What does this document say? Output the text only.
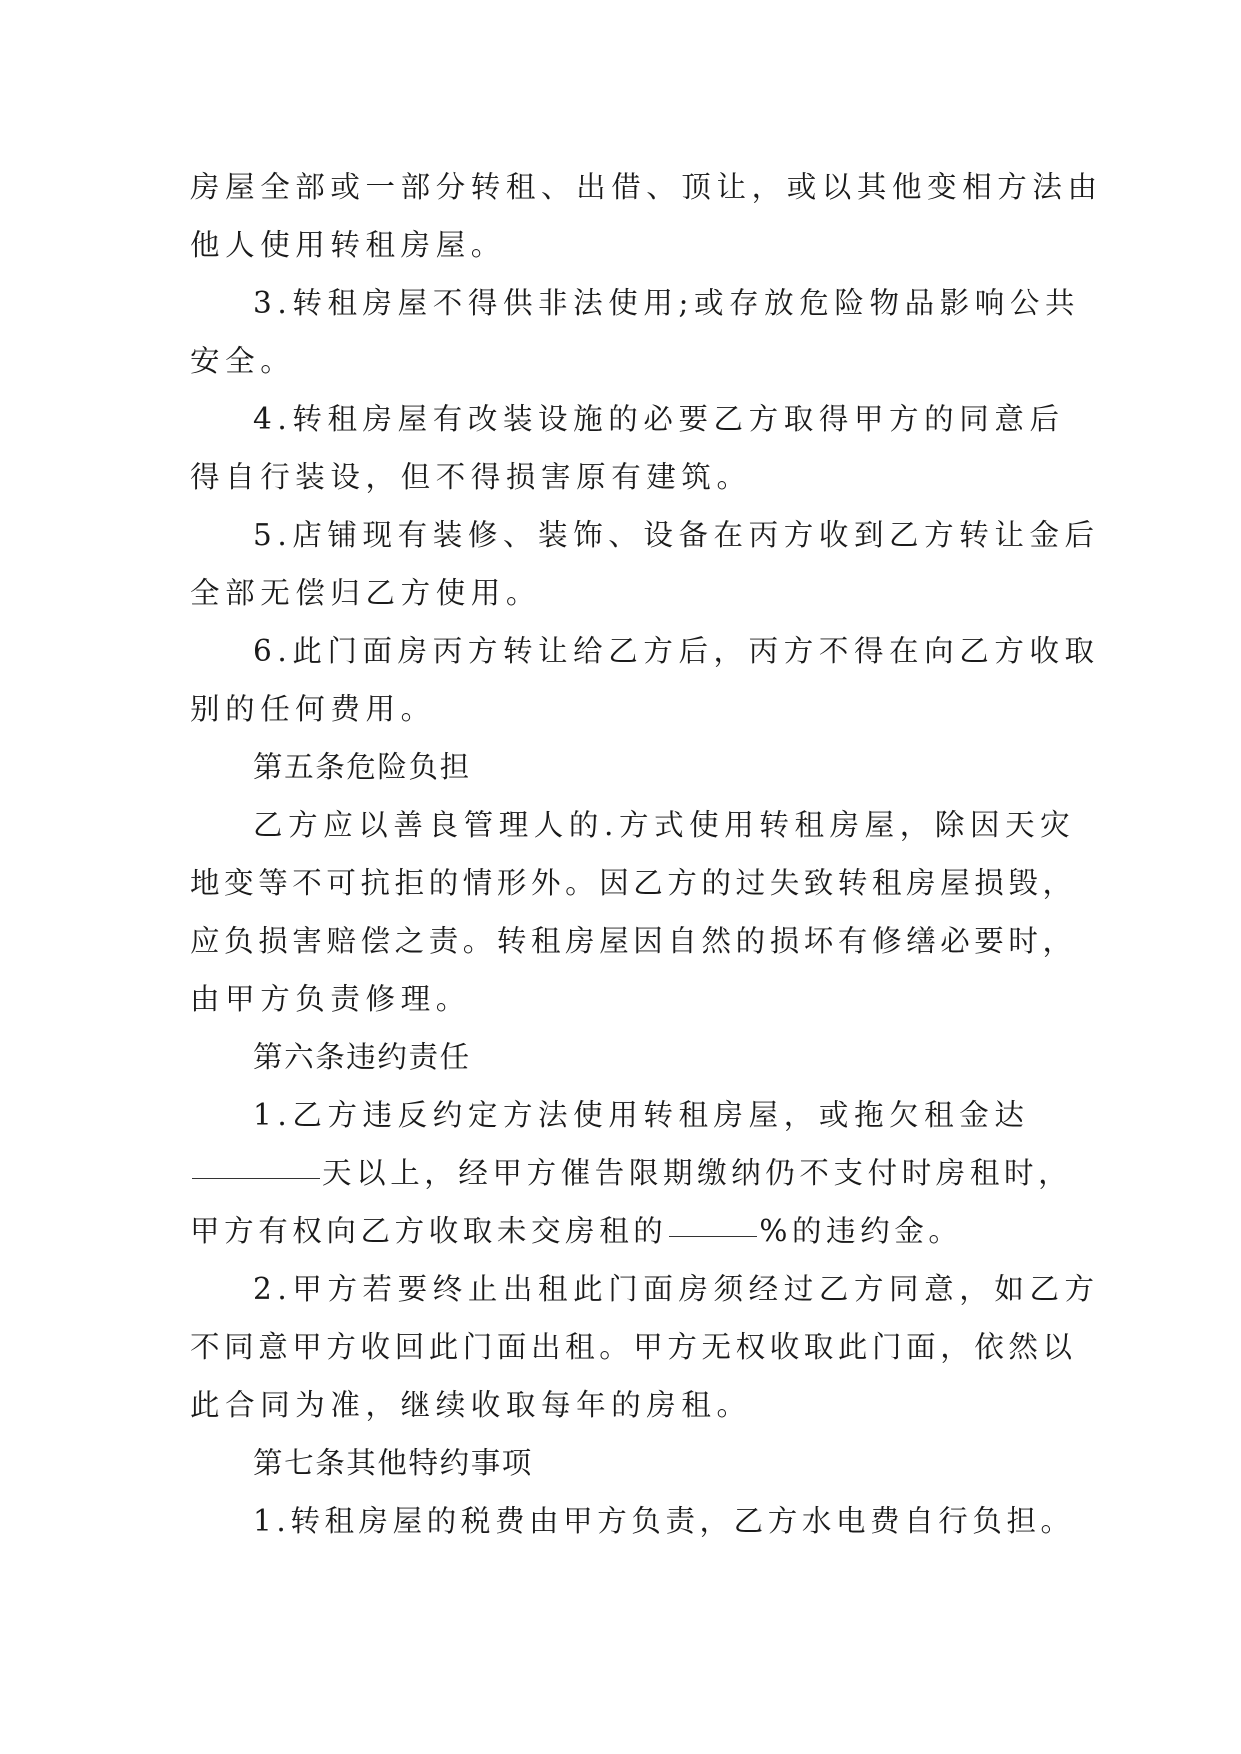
房屋全部或一部分转租、出借、顶让，或以其他变相方法由
他人使用转租房屋。
3.转租房屋不得供非法使用;或存放危险物品影响公共
安全。
4.转租房屋有改装设施的必要乙方取得甲方的同意后
得自行装设，但不得损害原有建筑。
5.店铺现有装修、装饰、设备在丙方收到乙方转让金后
全部无偿归乙方使用。
6.此门面房丙方转让给乙方后，丙方不得在向乙方收取
别的任何费用。
第五条危险负担
乙方应以善良管理人的.方式使用转租房屋，除因天灾
地变等不可抗拒的情形外。因乙方的过失致转租房屋损毁，
应负损害赔偿之责。转租房屋因自然的损坏有修缮必要时，
由甲方负责修理。
第六条违约责任
1.乙方违反约定方法使用转租房屋，或拖欠租金达
天以上，经甲方催告限期缴纳仍不支付时房租时，
甲方有权向乙方收取未交房租的	%的违约金。
2.甲方若要终止出租此门面房须经过乙方同意，如乙方
不同意甲方收回此门面出租。甲方无权收取此门面，依然以
此合同为准，继续收取每年的房租。
第七条其他特约事项
1.转租房屋的税费由甲方负责，乙方水电费自行负担。
